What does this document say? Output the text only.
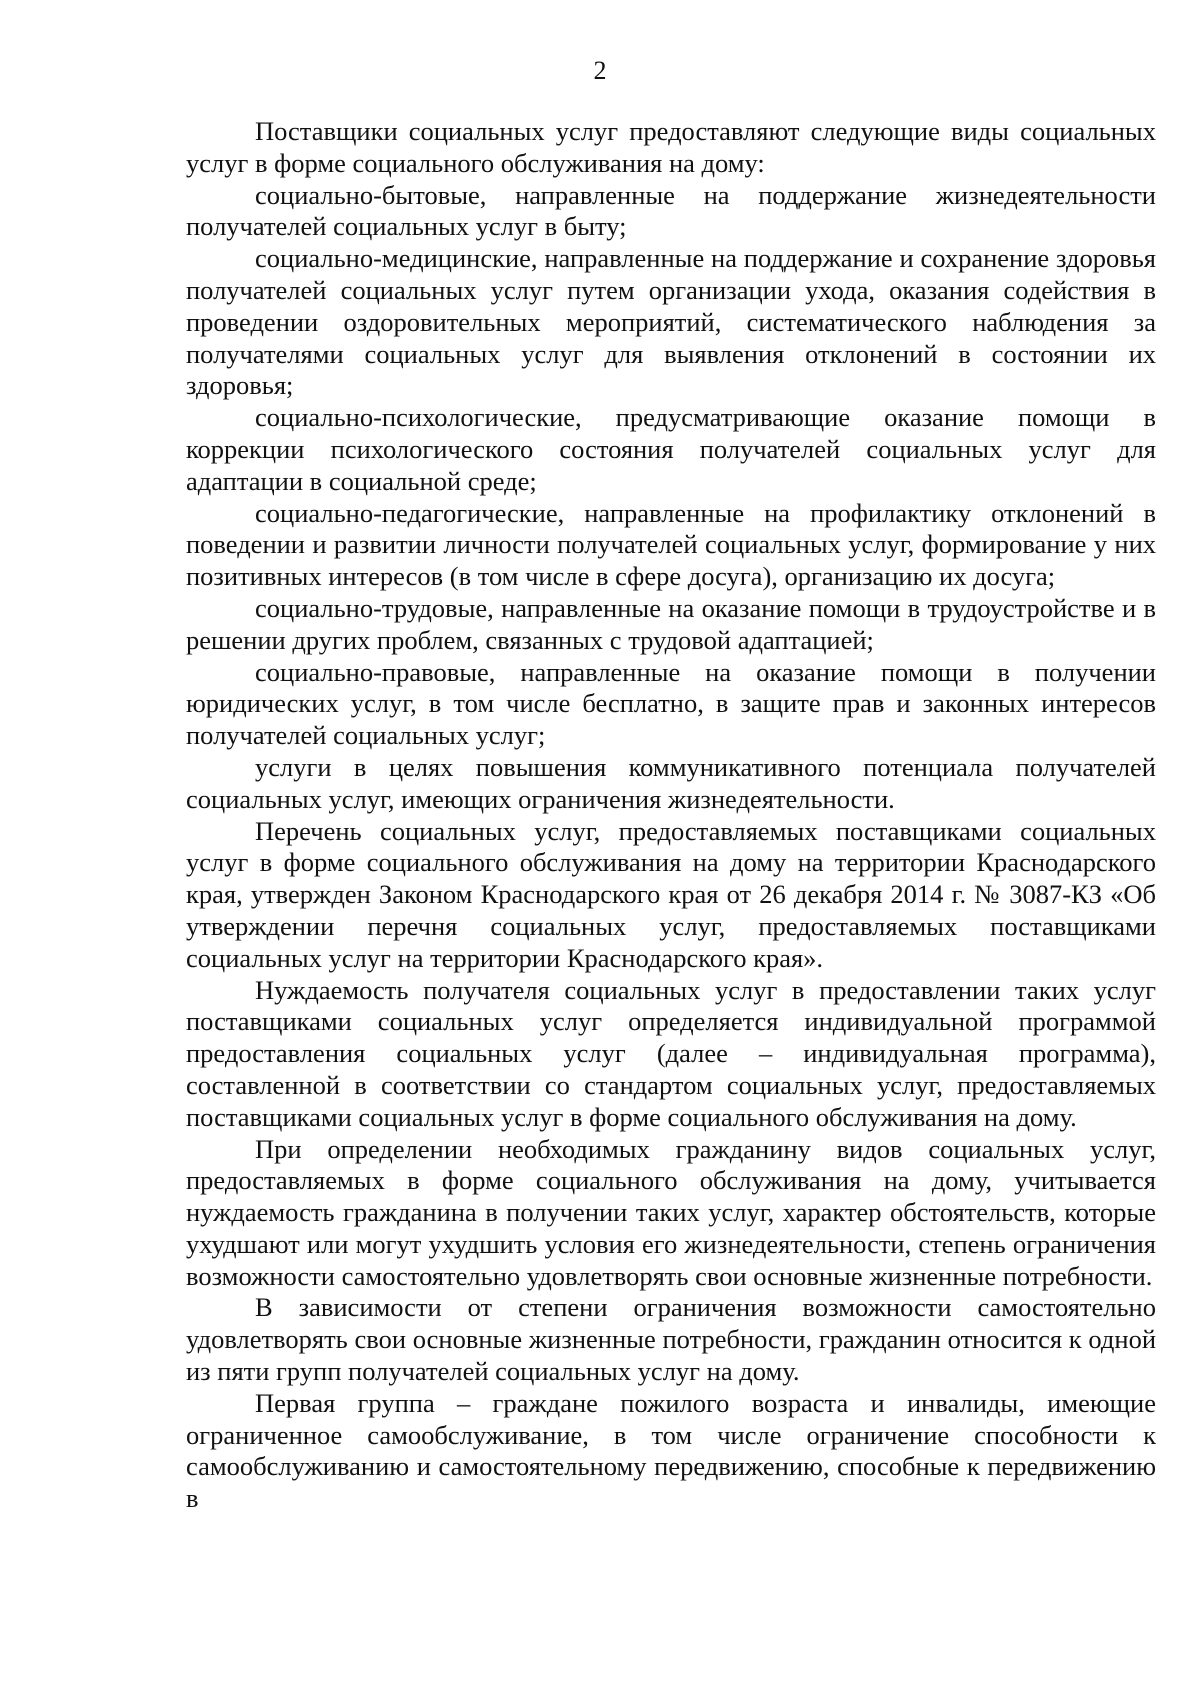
2

Поставщики социальных услуг предоставляют следующие виды социальных услуг в форме социального обслуживания на дому:

социально-бытовые, направленные на поддержание жизнедеятельности получателей социальных услуг в быту;

социально-медицинские, направленные на поддержание и сохранение здоровья получателей социальных услуг путем организации ухода, оказания содействия в проведении оздоровительных мероприятий, систематического наблюдения за получателями социальных услуг для выявления отклонений в состоянии их здоровья;

социально-психологические, предусматривающие оказание помощи в коррекции психологического состояния получателей социальных услуг для адаптации в социальной среде;

социально-педагогические, направленные на профилактику отклонений в поведении и развитии личности получателей социальных услуг, формирование у них позитивных интересов (в том числе в сфере досуга), организацию их досуга;

социально-трудовые, направленные на оказание помощи в трудоустройстве и в решении других проблем, связанных с трудовой адаптацией;

социально-правовые, направленные на оказание помощи в получении юридических услуг, в том числе бесплатно, в защите прав и законных интересов получателей социальных услуг;

услуги в целях повышения коммуникативного потенциала получателей социальных услуг, имеющих ограничения жизнедеятельности.

Перечень социальных услуг, предоставляемых поставщиками социальных услуг в форме социального обслуживания на дому на территории Краснодарского края, утвержден Законом Краснодарского края от 26 декабря 2014 г. № 3087-КЗ «Об утверждении перечня социальных услуг, предоставляемых поставщиками социальных услуг на территории Краснодарского края».

Нуждаемость получателя социальных услуг в предоставлении таких услуг поставщиками социальных услуг определяется индивидуальной программой предоставления социальных услуг (далее – индивидуальная программа), составленной в соответствии со стандартом социальных услуг, предоставляемых поставщиками социальных услуг в форме социального обслуживания на дому.

При определении необходимых гражданину видов социальных услуг, предоставляемых в форме социального обслуживания на дому, учитывается нуждаемость гражданина в получении таких услуг, характер обстоятельств, которые ухудшают или могут ухудшить условия его жизнедеятельности, степень ограничения возможности самостоятельно удовлетворять свои основные жизненные потребности.

В зависимости от степени ограничения возможности самостоятельно удовлетворять свои основные жизненные потребности, гражданин относится к одной из пяти групп получателей социальных услуг на дому.

Первая группа – граждане пожилого возраста и инвалиды, имеющие ограниченное самообслуживание, в том числе ограничение способности к самообслуживанию и самостоятельному передвижению, способные к передвижению в
